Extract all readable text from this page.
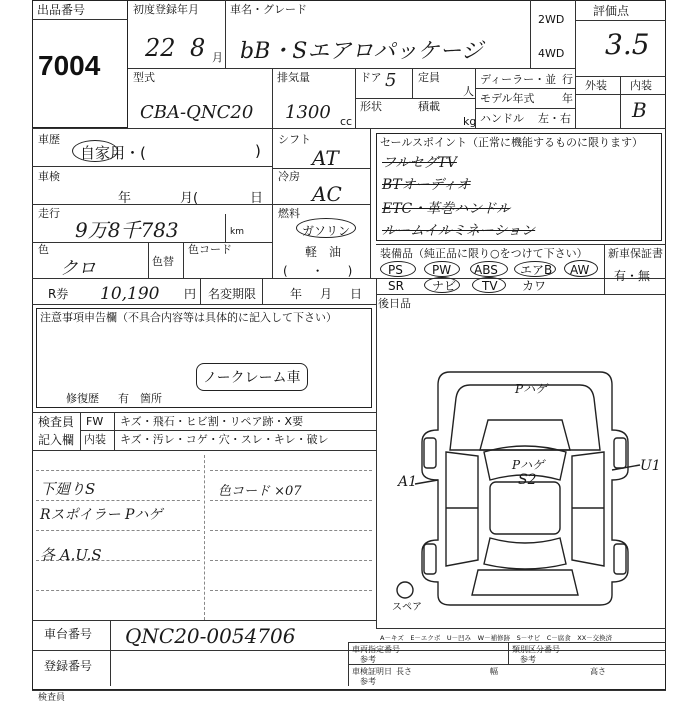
出品番号
7004
初度登録年月
22 8 月
車名・グレード
bB・Sエアロパッケージ
2WD
4WD
評価点
3.5
外装 内装
B
型式
CBA-QNC20
排気量
1300 cc
ドア 5 定員
人
形状	積載
kg
ディーラー・並 行
モデル年式	年
ハンドル 左・右
車歴
自家用・(	)
車検
年	月(	日
走行
9万8千783	km
色
クロ	色替
色コード
シフト
AT
冷房
AC
燃料
ガソリン
軽　油
(　　・　　)
セールスポイント（正常に機能するものに限ります）
フルセグTV
BTオーディオ
ETC・革巻ハンドル
ルームイルミネーション
装備品（純正品に限り○をつけて下さい） 新車保証書
有・無
PS PW ABS エアB AW
SR ナビ TV カワ
後日品
R券 10,190 円 名変期限	年 月 日
注意事項申告欄（不具合内容等は具体的に記入して下さい）
ノークレーム車
修復歴 有 箇所
検査員
記入欄
FW キズ・飛石・ヒビ割・リペア跡・X要
内装 キズ・汚レ・コゲ・穴・スレ・キレ・破レ
下廻りS
Rスポイラー Pハゲ
各 A.U.S
色コード ×07
Pハゲ
Pハゲ
S2
A1
U1
スペア
車台番号 QNC20-0054706
登録番号
A－キズ　E－エクボ　U－凹み　W－補修跡　S－サビ　C－腐食　XX－交換済
車両指定番号
参考
類別区分番号
参考
車検証明日 長さ
参考
幅	高さ
検査員
